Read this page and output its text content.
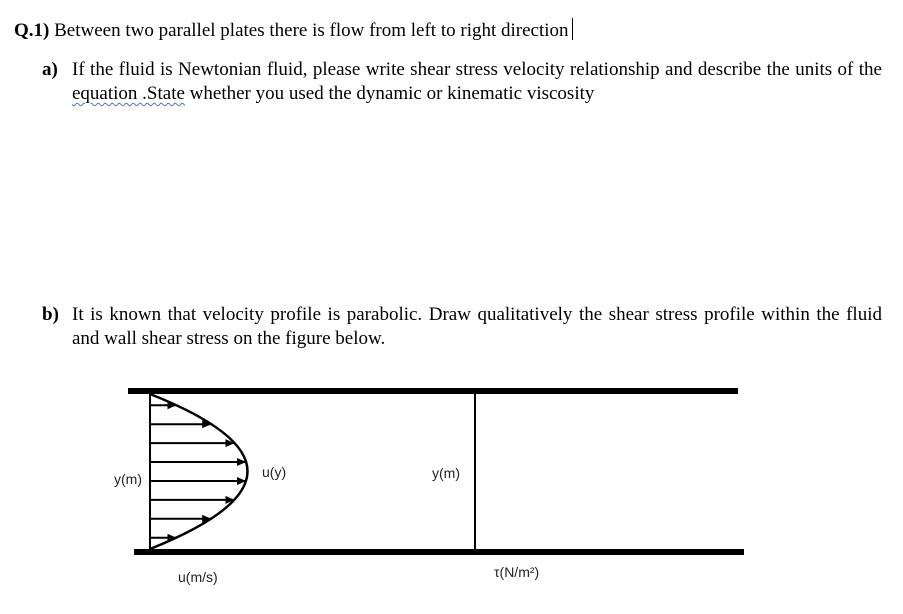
Q.1) Between two parallel plates there is flow from left to right direction
a) If the fluid is Newtonian fluid, please write shear stress velocity relationship and describe the units of the equation .State whether you used the dynamic or kinematic viscosity
b) It is known that velocity profile is parabolic. Draw qualitatively the shear stress profile within the fluid and wall shear stress on the figure below.
y(m)	u(y)	y(m)
u(m/s)	τ(N/m²)
